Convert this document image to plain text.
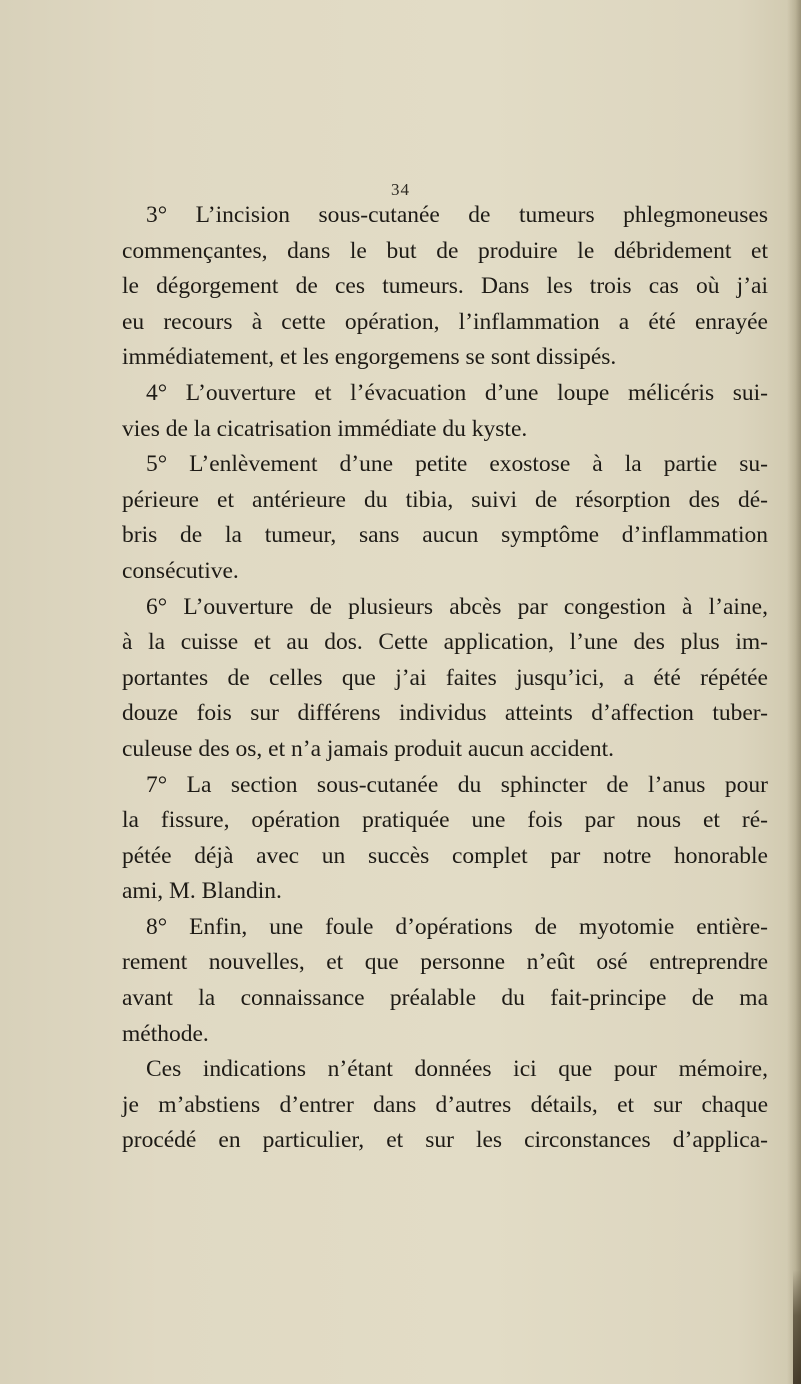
34

3° L’incision sous-cutanée de tumeurs phlegmoneuses
commençantes, dans le but de produire le débridement et
le dégorgement de ces tumeurs. Dans les trois cas où j’ai
eu recours à cette opération, l’inflammation a été enrayée
immédiatement, et les engorgemens se sont dissipés.

4° L’ouverture et l’évacuation d’une loupe mélicéris sui-
vies de la cicatrisation immédiate du kyste.

5° L’enlèvement d’une petite exostose à la partie su-
périeure et antérieure du tibia, suivi de résorption des dé-
bris de la tumeur, sans aucun symptôme d’inflammation
consécutive.

6° L’ouverture de plusieurs abcès par congestion à l’aine,
à la cuisse et au dos. Cette application, l’une des plus im-
portantes de celles que j’ai faites jusqu’ici, a été répétée
douze fois sur différens individus atteints d’affection tuber-
culeuse des os, et n’a jamais produit aucun accident.

7° La section sous-cutanée du sphincter de l’anus pour
la fissure, opération pratiquée une fois par nous et ré-
pétée déjà avec un succès complet par notre honorable
ami, M. Blandin.

8° Enfin, une foule d’opérations de myotomie entière-
rement nouvelles, et que personne n’eût osé entreprendre
avant la connaissance préalable du fait-principe de ma
méthode.

Ces indications n’étant données ici que pour mémoire,
je m’abstiens d’entrer dans d’autres détails, et sur chaque
procédé en particulier, et sur les circonstances d’applica-
